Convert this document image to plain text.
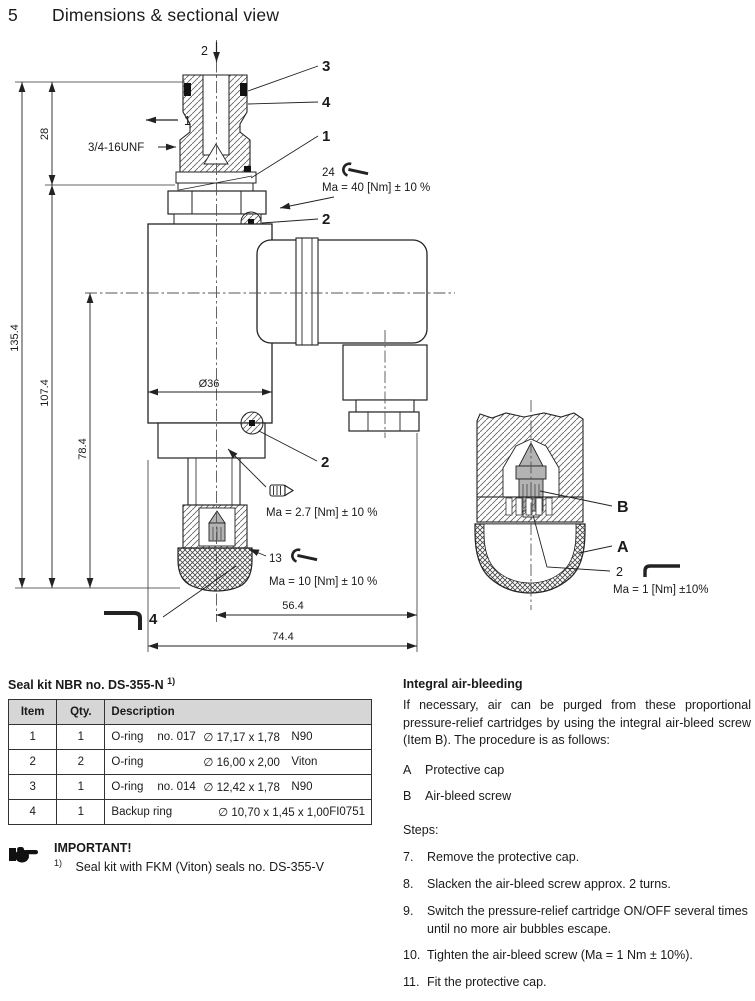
5	Dimensions & sectional view
2
1
3/4-16UNF
3
4
1
2
2
4
24
Ma = 40 [Nm] ± 10 %
Ma = 2.7 [Nm] ± 10 %
13
Ma = 10 [Nm] ± 10 %
135.4
28
107.4
78.4
Ø36
56.4
74.4
B
A
2
Ma = 1 [Nm] ±10%
Seal kit NBR no. DS-355-N $^{1)}$
Item	Qty.	Description
1	1	O-ring no. 017 ∅ 17,17 x 1,78 N90

2	2	O-ring ∅ 16,00 x 2,00 Viton

3	1	O-ring no. 014 ∅ 12,42 x 1,78 N90

4	1	Backup ring ∅ 10,70 x 1,45 x 1,00 FI0751
IMPORTANT!
$^{1)}$ Seal kit with FKM (Viton) seals no. DS-355-V
Integral air-bleeding

If necessary, air can be purged from these proportional pressure-relief cartridges by using the integral air-bleed screw (Item B). The procedure is as follows:

A	Protective cap
B	Air-bleed screw
Steps:
7.	Remove the protective cap.
8.	Slacken the air-bleed screw approx. 2 turns.
9.	Switch the pressure-relief cartridge ON/OFF several times until no more air bubbles escape.
10. Tighten the air-bleed screw (Ma = 1 Nm ± 10%).
11. Fit the protective cap.
